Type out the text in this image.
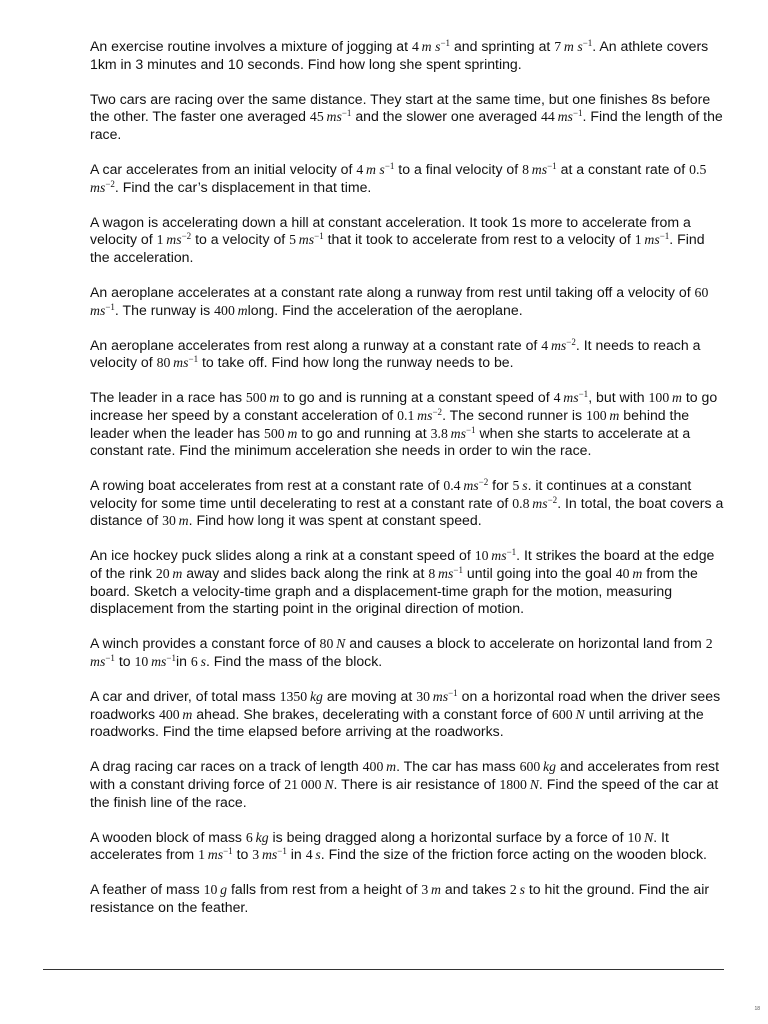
An exercise routine involves a mixture of jogging at 4  m $s^{-1}$ and sprinting at 7  m $s^{-1}$. An athlete covers 1km in 3 minutes and 10 seconds. Find how long she spent sprinting.

Two cars are racing over the same distance. They start at the same time, but one finishes 8s before the other. The faster one averaged 45  $ms^{-1}$ and the slower one averaged 44  $ms^{-1}$. Find the length of the race.

A car accelerates from an initial velocity of 4  m $s^{-1}$ to a final velocity of 8  $ms^{-1}$ at a constant rate of 0.5 $ms^{-2}$. Find the car’s displacement in that time.

A wagon is accelerating down a hill at constant acceleration. It took 1s more to accelerate from a velocity of 1  $ms^{-2}$ to a velocity of 5  $ms^{-1}$ that it took to accelerate from rest to a velocity of 1  $ms^{-1}$. Find the acceleration.

An aeroplane accelerates at a constant rate along a runway from rest until taking off a velocity of 60 $ms^{-1}$. The runway is 400  mlong. Find the acceleration of the aeroplane.

An aeroplane accelerates from rest along a runway at a constant rate of 4  $ms^{-2}$. It needs to reach a velocity of 80  $ms^{-1}$ to take off. Find how long the runway needs to be.

The leader in a race has 500  m to go and is running at a constant speed of 4  $ms^{-1}$, but with 100  m to go increase her speed by a constant acceleration of 0.1  $ms^{-2}$. The second runner is 100  m behind the leader when the leader has 500  m to go and running at 3.8  $ms^{-1}$ when she starts to accelerate at a constant rate. Find the minimum acceleration she needs in order to win the race.

A rowing boat accelerates from rest at a constant rate of 0.4  $ms^{-2}$ for 5  s. it continues at a constant velocity for some time until decelerating to rest at a constant rate of 0.8  $ms^{-2}$. In total, the boat covers a distance of 30  m. Find how long it was spent at constant speed.

An ice hockey puck slides along a rink at a constant speed of 10  $ms^{-1}$. It strikes the board at the edge of the rink 20  m away and slides back along the rink at 8  $ms^{-1}$ until going into the goal 40  m from the board. Sketch a velocity-time graph and a displacement-time graph for the motion, measuring displacement from the starting point in the original direction of motion.

A winch provides a constant force of 80  N and causes a block to accelerate on horizontal land from 2 $ms^{-1}$ to 10  $ms^{-1}in$ 6  s. Find the mass of the block.

A car and driver, of total mass 1350  kg are moving at 30  $ms^{-1}$ on a horizontal road when the driver sees roadworks 400  m ahead. She brakes, decelerating with a constant force of 600  N until arriving at the roadworks. Find the time elapsed before arriving at the roadworks.

A drag racing car races on a track of length 400  m. The car has mass 600  kg and accelerates from rest with a constant driving force of 21 000  N. There is air resistance of 1800  N. Find the speed of the car at the finish line of the race.

A wooden block of mass 6  kg is being dragged along a horizontal surface by a force of 10  N. It accelerates from 1  $ms^{-1}$ to 3  $ms^{-1}$ in 4  s. Find the size of the friction force acting on the wooden block.

A feather of mass 10  g falls from rest from a height of 3  m and takes 2  s to hit the ground. Find the air resistance on the feather.

18
